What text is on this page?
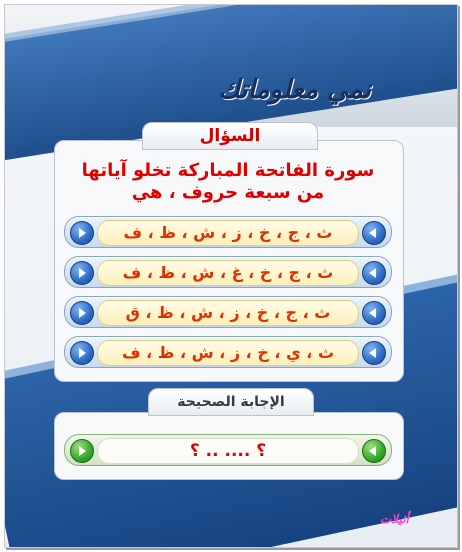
نمي معلوماتك
السؤال
سورة الفاتحة المباركة تخلو آياتها
من سبعة حروف ، هي
ث ، ج ، خ ، ز ، ش ، ظ ، ف
ث ، ج ، خ ، غ ، ش ، ظ ، ف
ث ، ج ، خ ، ز ، ش ، ظ ، ق
ث ، ي ، خ ، ز ، ش ، ظ ، ف
الإجابة الصحيحة
؟ .... .. ؟
أثيلات
